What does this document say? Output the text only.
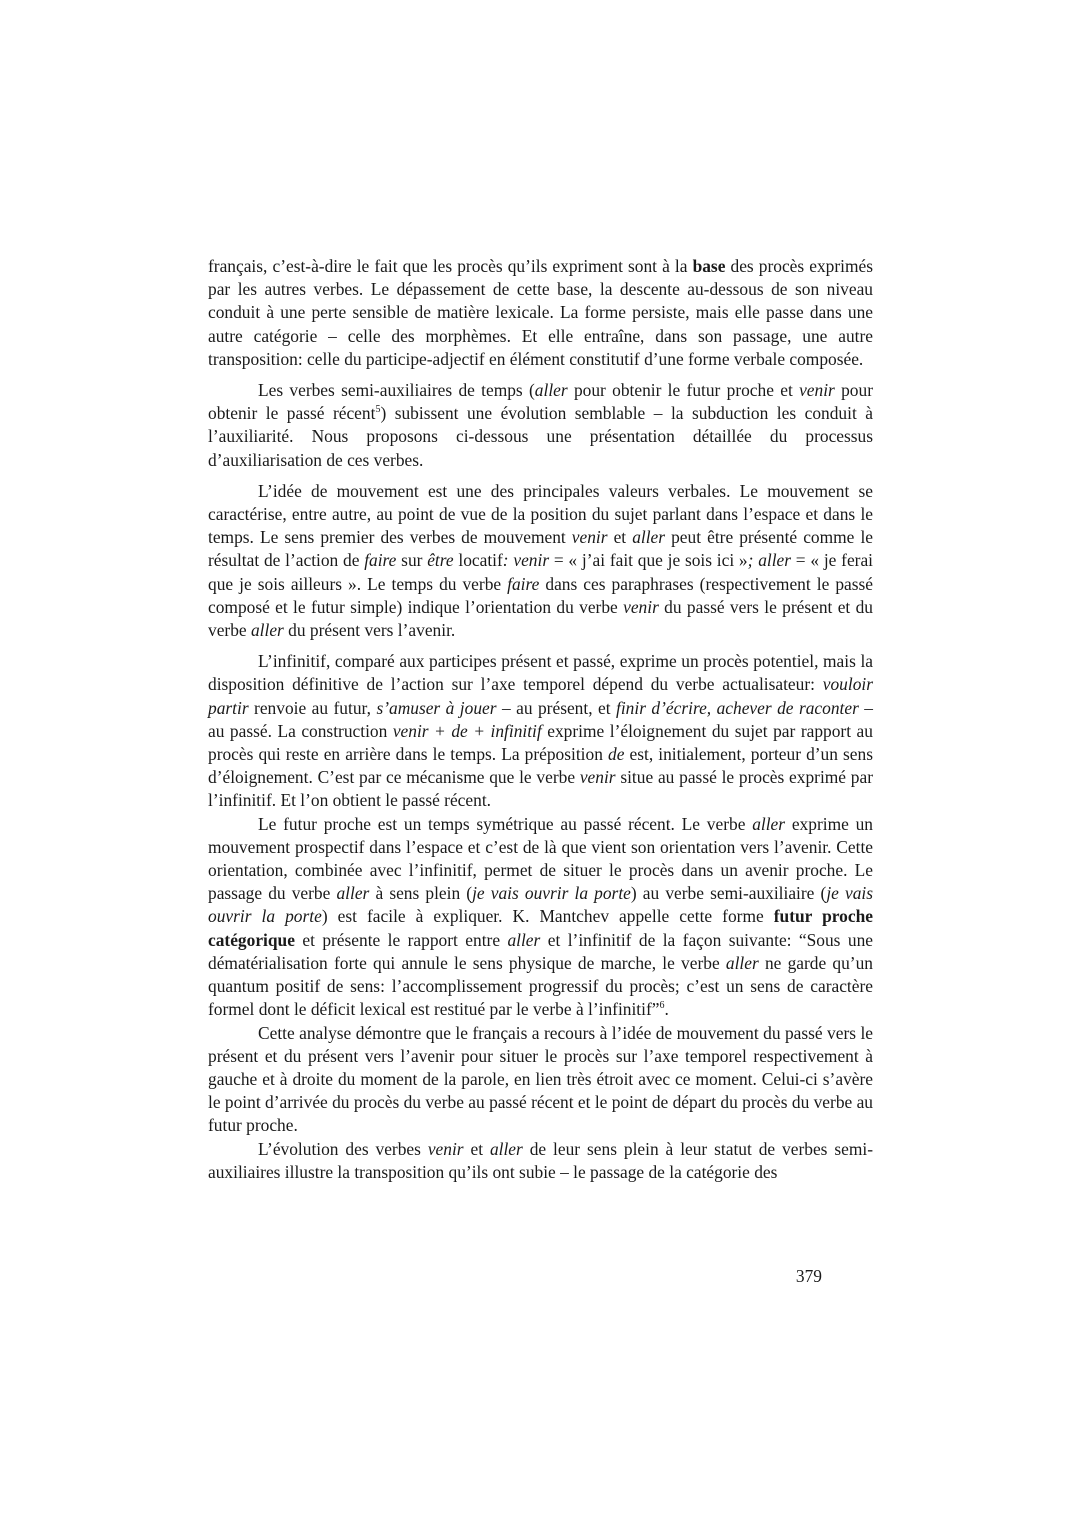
français, c’est-à-dire le fait que les procès qu’ils expriment sont à la base des procès exprimés par les autres verbes. Le dépassement de cette base, la descente au-dessous de son niveau conduit à une perte sensible de matière lexicale. La forme persiste, mais elle passe dans une autre catégorie – celle des morphèmes. Et elle entraîne, dans son passage, une autre transposition: celle du participe-adjectif en élément constitutif d’une forme verbale composée.

Les verbes semi-auxiliaires de temps (aller pour obtenir le futur proche et venir pour obtenir le passé récent$^5$) subissent une évolution semblable – la subduction les conduit à l’auxiliarité. Nous proposons ci-dessous une présentation détaillée du processus d’auxiliarisation de ces verbes.

L’idée de mouvement est une des principales valeurs verbales. Le mouvement se caractérise, entre autre, au point de vue de la position du sujet parlant dans l’espace et dans le temps. Le sens premier des verbes de mouvement venir et aller peut être présenté comme le résultat de l’action de faire sur être locatif: venir = « j’ai fait que je sois ici »; aller = « je ferai que je sois ailleurs ». Le temps du verbe faire dans ces paraphrases (respectivement le passé composé et le futur simple) indique l’orientation du verbe venir du passé vers le présent et du verbe aller du présent vers l’avenir.

L’infinitif, comparé aux participes présent et passé, exprime un procès potentiel, mais la disposition définitive de l’action sur l’axe temporel dépend du verbe actualisateur: vouloir partir renvoie au futur, s’amuser à jouer – au présent, et finir d’écrire, achever de raconter – au passé. La construction venir + de + infinitif exprime l’éloignement du sujet par rapport au procès qui reste en arrière dans le temps. La préposition de est, initialement, porteur d’un sens d’éloignement. C’est par ce mécanisme que le verbe venir situe au passé le procès exprimé par l’infinitif. Et l’on obtient le passé récent.

Le futur proche est un temps symétrique au passé récent. Le verbe aller exprime un mouvement prospectif dans l’espace et c’est de là que vient son orientation vers l’avenir. Cette orientation, combinée avec l’infinitif, permet de situer le procès dans un avenir proche. Le passage du verbe aller à sens plein (je vais ouvrir la porte) au verbe semi-auxiliaire (je vais ouvrir la porte) est facile à expliquer. K. Mantchev appelle cette forme futur proche catégorique et présente le rapport entre aller et l’infinitif de la façon suivante: “Sous une dématérialisation forte qui annule le sens physique de marche, le verbe aller ne garde qu’un quantum positif de sens: l’accomplissement progressif du procès; c’est un sens de caractère formel dont le déficit lexical est restitué par le verbe à l’infinitif”$^6$.

Cette analyse démontre que le français a recours à l’idée de mouvement du passé vers le présent et du présent vers l’avenir pour situer le procès sur l’axe temporel respectivement à gauche et à droite du moment de la parole, en lien très étroit avec ce moment. Celui-ci s’avère le point d’arrivée du procès du verbe au passé récent et le point de départ du procès du verbe au futur proche.

L’évolution des verbes venir et aller de leur sens plein à leur statut de verbes semi-auxiliaires illustre la transposition qu’ils ont subie – le passage de la catégorie des

379
